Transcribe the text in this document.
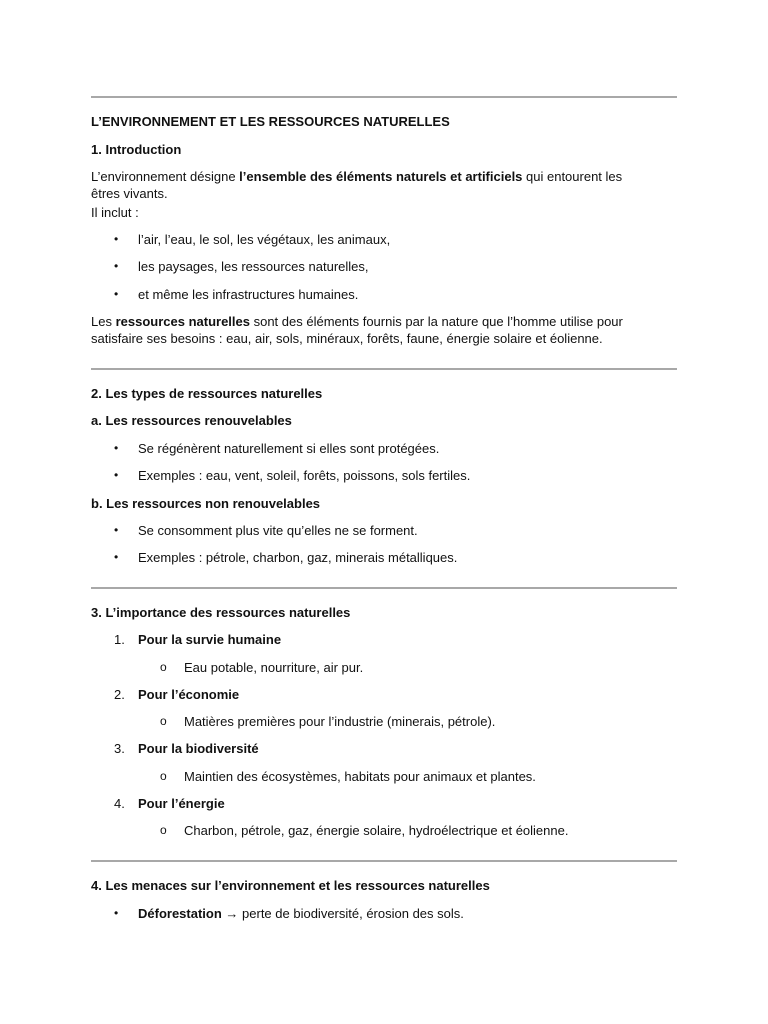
L’ENVIRONNEMENT ET LES RESSOURCES NATURELLES

1. Introduction

L’environnement désigne l’ensemble des éléments naturels et artificiels qui entourent les êtres vivants.

Il inclut :

• l’air, l’eau, le sol, les végétaux, les animaux,
• les paysages, les ressources naturelles,
• et même les infrastructures humaines.

Les ressources naturelles sont des éléments fournis par la nature que l’homme utilise pour satisfaire ses besoins : eau, air, sols, minéraux, forêts, faune, énergie solaire et éolienne.

2. Les types de ressources naturelles

a. Les ressources renouvelables

• Se régénèrent naturellement si elles sont protégées.
• Exemples : eau, vent, soleil, forêts, poissons, sols fertiles.

b. Les ressources non renouvelables

• Se consomment plus vite qu’elles ne se forment.
• Exemples : pétrole, charbon, gaz, minerais métalliques.

3. L’importance des ressources naturelles

1. Pour la survie humaine
o Eau potable, nourriture, air pur.
2. Pour l’économie
o Matières premières pour l’industrie (minerais, pétrole).
3. Pour la biodiversité
o Maintien des écosystèmes, habitats pour animaux et plantes.
4. Pour l’énergie
o Charbon, pétrole, gaz, énergie solaire, hydroélectrique et éolienne.

4. Les menaces sur l’environnement et les ressources naturelles

• Déforestation → perte de biodiversité, érosion des sols.
